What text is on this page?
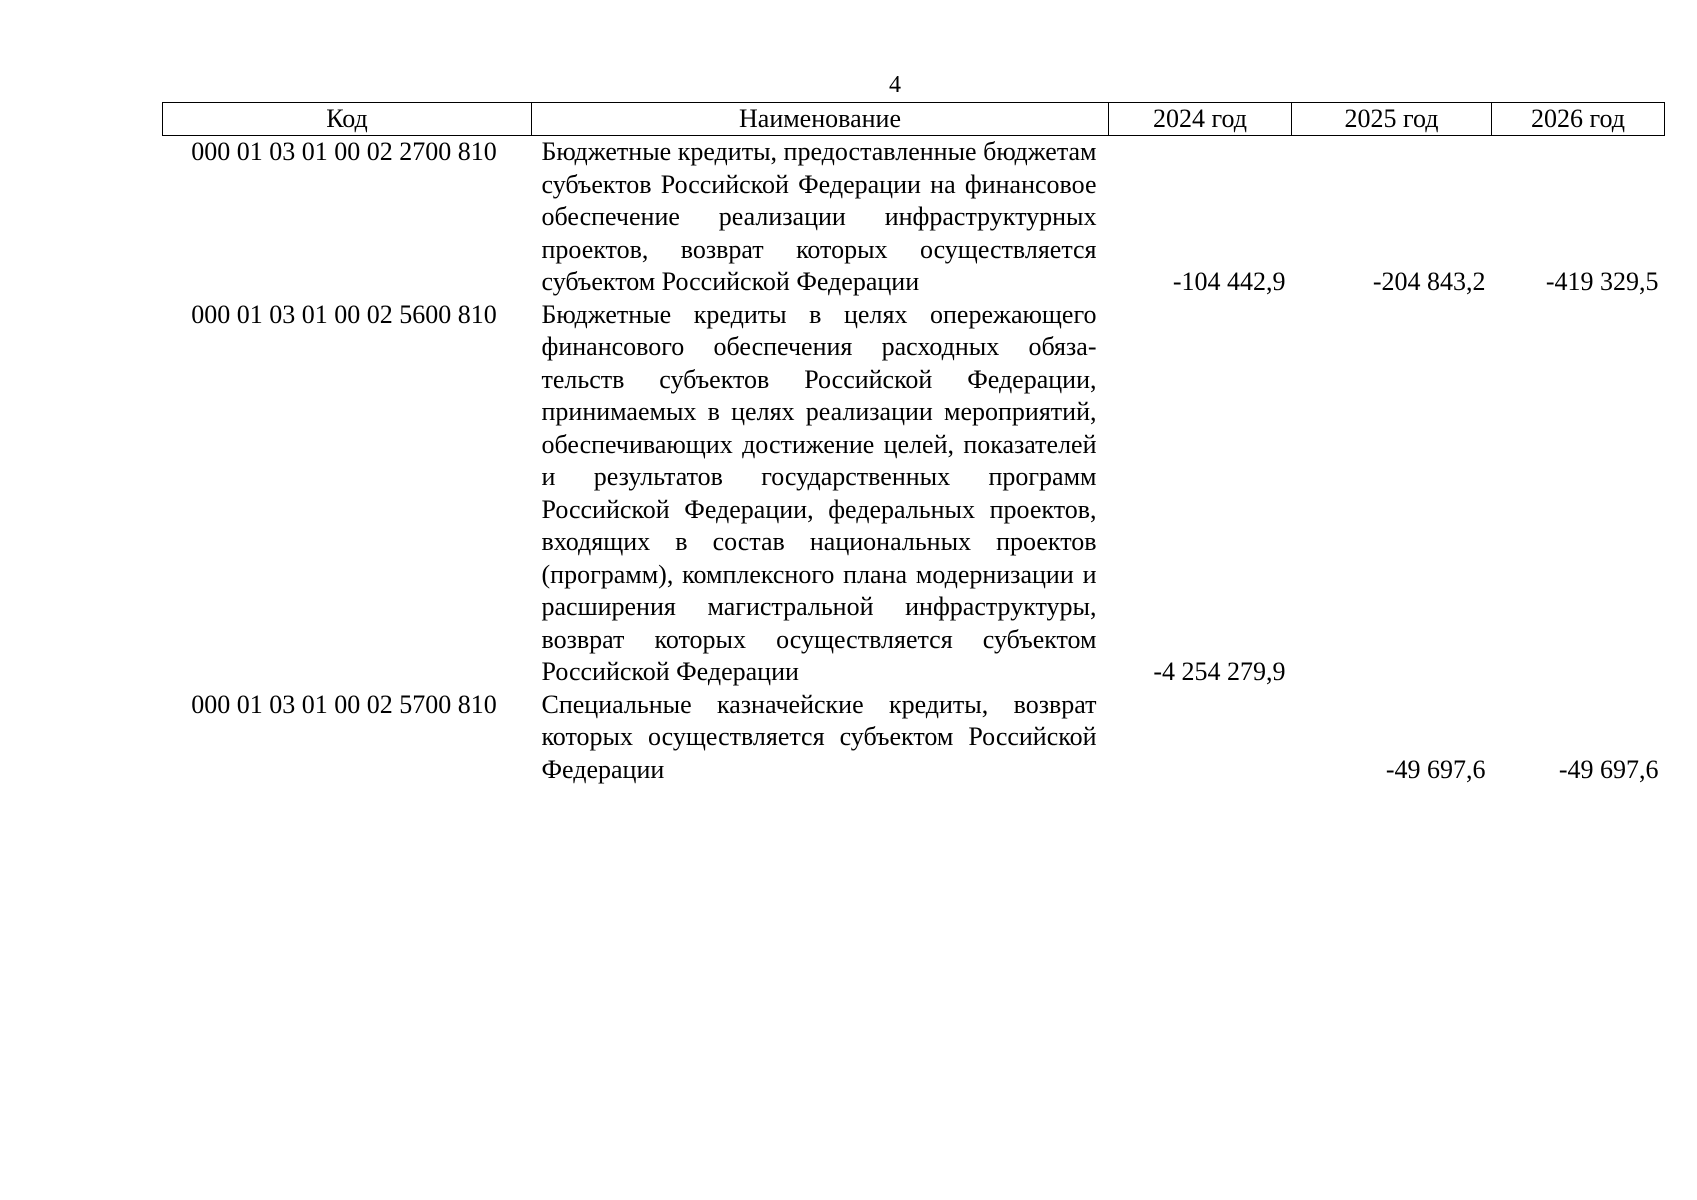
4
Код	Наименование	2024 год	2025 год	2026 год
000 01 03 01 00 02 2700 810	Бюджетные кредиты, предоставленные бюджетам субъектов Российской Федерации на финансовое обеспечение реализации инфраструктурных проектов, возврат которых осуществляется субъектом Российской Федерации	-104 442,9	-204 843,2	-419 329,5
000 01 03 01 00 02 5600 810	Бюджетные кредиты в целях опережающего финансового обеспечения расходных обязательств субъектов Российской Федерации, принимаемых в целях реализации мероприятий, обеспечивающих достижение целей, показателей и результатов государственных программ Российской Федерации, федеральных проектов, входящих в состав национальных проектов (программ), комплексного плана модернизации и расширения магистральной инфраструктуры, возврат которых осуществляется субъектом Российской Федерации	-4 254 279,9		
000 01 03 01 00 02 5700 810	Специальные казначейские кредиты, возврат которых осуществляется субъектом Российской Федерации		-49 697,6	-49 697,6
